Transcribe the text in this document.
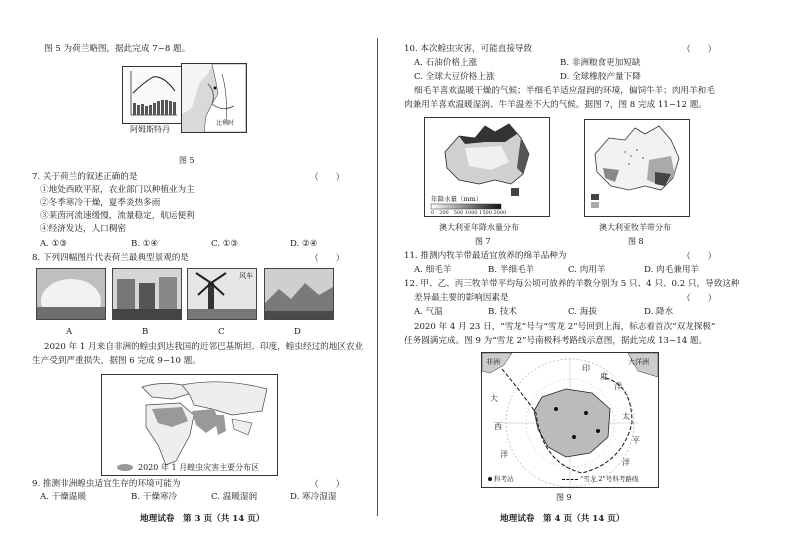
图 5 为荷兰略图，据此完成 7~8 题。
阿姆斯特丹
比利时
图 5
7. 关于荷兰的叙述正确的是	（　　）
①地处西欧平原，农业部门以种植业为主
②冬季寒冷干燥，夏季炎热多雨
③莱茵河流速缓慢，流量稳定，航运便利
④经济发达，人口稠密
A. ①③	B. ①④	C. ①③	D. ②④
8. 下列四幅图片代表荷兰最典型景观的是	（　　）
风车
A	B	C	D
2020 年 1 月来自非洲的蝗虫到达我国的近邻巴基斯坦、印度，蝗虫经过的地区农业
生产受到严重损失，据图 6 完成 9~10 题。
2020 年 1 月蝗虫灾害主要分布区
9. 推测非洲蝗虫适宜生存的环境可能为	（　　）
A. 干燥温暖	B. 干燥寒冷	C. 温暖湿润	D. 寒冷湿湿
地理试卷　第 3 页（共 14 页）
10. 本次蝗虫灾害，可能直接导致	（　　）
A. 石油价格上涨	B. 非洲粮食更加短缺
C. 全球大豆价格上涨	D. 全球橡胶产量下降
细毛羊喜欢温暖干燥的气候；半细毛羊适应湿润的环境，偏饲牛羊；肉用羊和毛
肉兼用羊喜欢温暖湿润、牛羊温差不大的气候。据图 7，图 8 完成 11~12 题。
年降水量（mm）
0　200　500 1000 1500 2000
澳大利亚年降水量分布
图 7
澳大利亚牧羊带分布
图 8
11. 推测内牧羊带最适宜放养的绵羊品种为	（　　）
A. 细毛羊	B. 半细毛羊	C. 肉用羊	D. 肉毛兼用羊
12. 甲、乙、丙三牧羊带平均每公顷可放养的羊数分别为 5 只、4 只、0.2 只，导致这种
差异最主要的影响因素是	（　　）
A. 气温	B. 技术	C. 海拔	D. 降水
2020 年 4 月 23 日，“雪龙”号与“雪龙 2”号回到上海，标志着首次“双龙探极”
任务圆满完成。图 9 为“雪龙 2”号南极科考路线示意图，据此完成 13~14 题。
非洲	大洋洲
大
西
洋
太
平
洋
印
度
洋
科考站	“雪龙 2”号科考路线
图 9
地理试卷　第 4 页（共 14 页）
